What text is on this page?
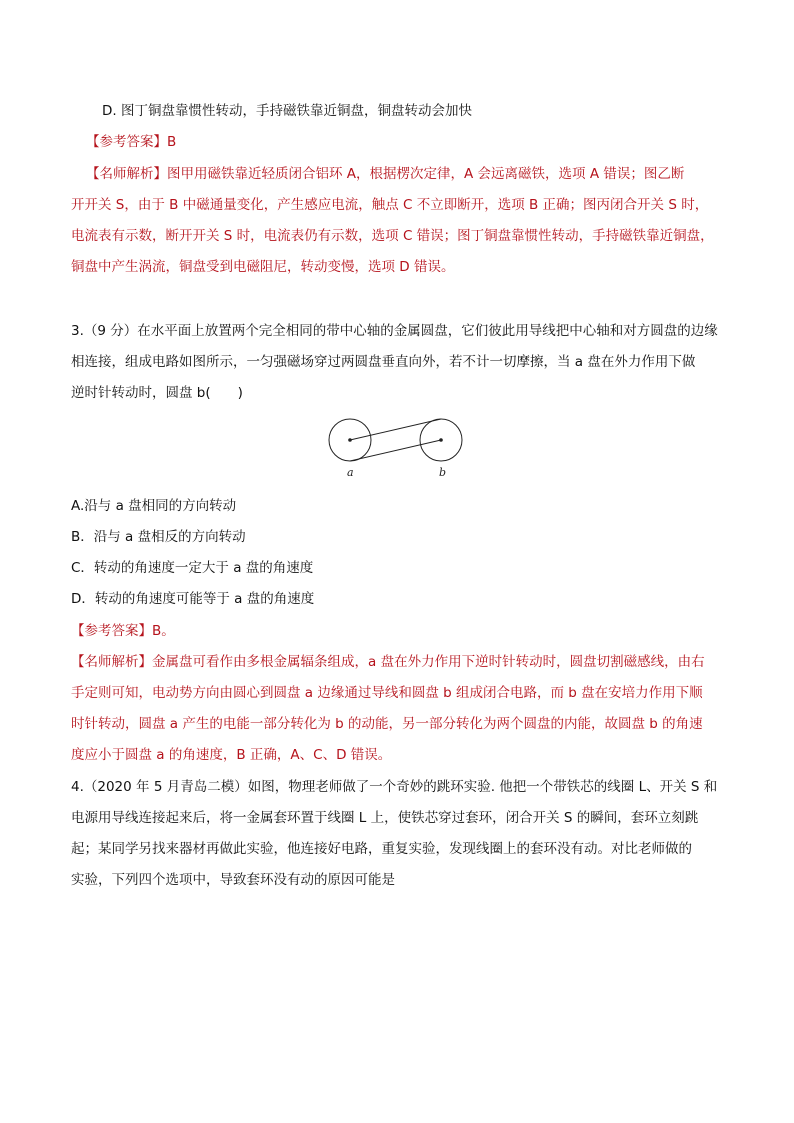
D. 图丁铜盘靠惯性转动，手持磁铁靠近铜盘，铜盘转动会加快

【参考答案】B

【名师解析】图甲用磁铁靠近轻质闭合铝环 A，根据楞次定律，A 会远离磁铁，选项 A 错误；图乙断

开开关 S，由于 B 中磁通量变化，产生感应电流，触点 C 不立即断开，选项 B 正确；图丙闭合开关 S 时，

电流表有示数，断开开关 S 时，电流表仍有示数，选项 C 错误；图丁铜盘靠惯性转动，手持磁铁靠近铜盘，

铜盘中产生涡流，铜盘受到电磁阻尼，转动变慢，选项 D 错误。

3.（9 分）在水平面上放置两个完全相同的带中心轴的金属圆盘，它们彼此用导线把中心轴和对方圆盘的边缘

相连接，组成电路如图所示，一匀强磁场穿过两圆盘垂直向外，若不计一切摩擦，当 a 盘在外力作用下做

逆时针转动时，圆盘 b(　　)

a	b

A.沿与 a 盘相同的方向转动

B．沿与 a 盘相反的方向转动

C．转动的角速度一定大于 a 盘的角速度

D．转动的角速度可能等于 a 盘的角速度

【参考答案】B。

【名师解析】金属盘可看作由多根金属辐条组成，a 盘在外力作用下逆时针转动时，圆盘切割磁感线，由右

手定则可知，电动势方向由圆心到圆盘 a 边缘通过导线和圆盘 b 组成闭合电路，而 b 盘在安培力作用下顺

时针转动，圆盘 a 产生的电能一部分转化为 b 的动能，另一部分转化为两个圆盘的内能，故圆盘 b 的角速

度应小于圆盘 a 的角速度，B 正确，A、C、D 错误。

4.（2020 年 5 月青岛二模）如图，物理老师做了一个奇妙的跳环实验. 他把一个带铁芯的线圈 L、开关 S 和

电源用导线连接起来后，将一金属套环置于线圈 L 上，使铁芯穿过套环，闭合开关 S 的瞬间，套环立刻跳

起；某同学另找来器材再做此实验，他连接好电路，重复实验，发现线圈上的套环没有动。对比老师做的

实验，下列四个选项中，导致套环没有动的原因可能是
